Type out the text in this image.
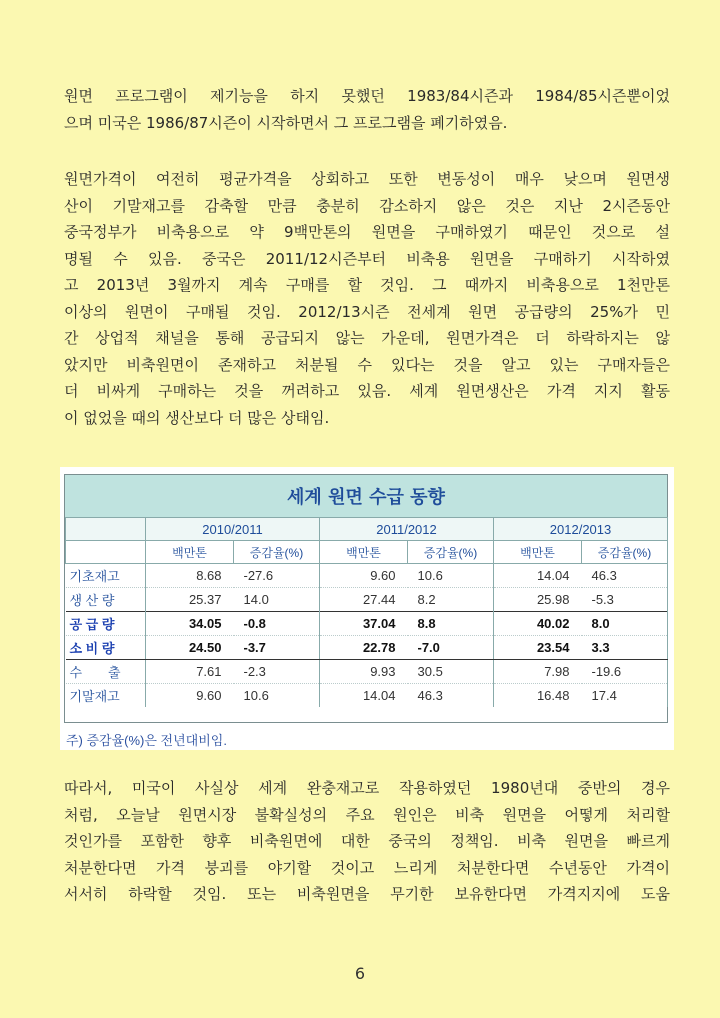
원면 프로그램이 제기능을 하지 못했던 1983/84시즌과 1984/85시즌뿐이었
으며 미국은 1986/87시즌이 시작하면서 그 프로그램을 폐기하였음.
원면가격이 여전히 평균가격을 상회하고 또한 변동성이 매우 낮으며 원면생
산이 기말재고를 감축할 만큼 충분히 감소하지 않은 것은 지난 2시즌동안
중국정부가 비축용으로 약 9백만톤의 원면을 구매하였기 때문인 것으로 설
명될 수 있음. 중국은 2011/12시즌부터 비축용 원면을 구매하기 시작하였
고 2013년 3월까지 계속 구매를 할 것임. 그 때까지 비축용으로 1천만톤
이상의 원면이 구매될 것임. 2012/13시즌 전세계 원면 공급량의 25%가 민
간 상업적 채널을 통해 공급되지 않는 가운데, 원면가격은 더 하락하지는 않
았지만 비축원면이 존재하고 처분될 수 있다는 것을 알고 있는 구매자들은
더 비싸게 구매하는 것을 꺼려하고 있음. 세계 원면생산은 가격 지지 활동
이 없었을 때의 생산보다 더 많은 상태임.
세계 원면 수급 동향
	2010/2011		2011/2012		2012/2013	
	백만톤	증감율(%)	백만톤	증감율(%)	백만톤	증감율(%)
기초재고	8.68	-27.6	9.60	10.6	14.04	46.3
생 산 량	25.37	14.0	27.44	8.2	25.98	-5.3
공 급 량	34.05	-0.8	37.04	8.8	40.02	8.0
소 비 량	24.50	-3.7	22.78	-7.0	23.54	3.3
수　　출	7.61	-2.3	9.93	30.5	7.98	-19.6
기말재고	9.60	10.6	14.04	46.3	16.48	17.4
주) 증감율(%)은 전년대비임.
따라서, 미국이 사실상 세계 완충재고로 작용하였던 1980년대 중반의 경우
처럼, 오늘날 원면시장 불확실성의 주요 원인은 비축 원면을 어떻게 처리할
것인가를 포함한 향후 비축원면에 대한 중국의 정책임. 비축 원면을 빠르게
처분한다면 가격 붕괴를 야기할 것이고 느리게 처분한다면 수년동안 가격이
서서히 하락할 것임. 또는 비축원면을 무기한 보유한다면 가격지지에 도움
6
